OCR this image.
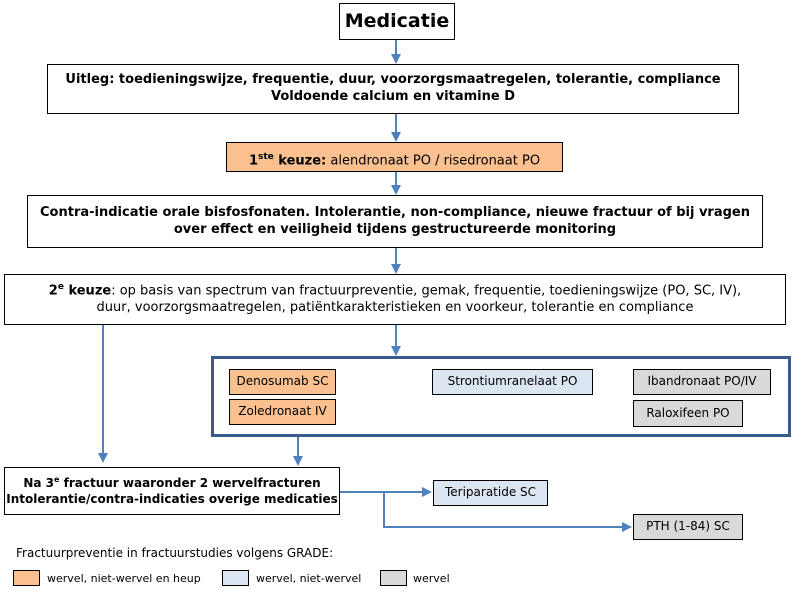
Medicatie
Uitleg: toedieningswijze, frequentie, duur, voorzorgsmaatregelen, tolerantie, compliance
Voldoende calcium en vitamine D
1ste keuze: alendronaat PO / risedronaat PO
Contra-indicatie orale bisfosfonaten. Intolerantie, non-compliance, nieuwe fractuur of bij vragen
over effect en veiligheid tijdens gestructureerde monitoring
2e keuze: op basis van spectrum van fractuurpreventie, gemak, frequentie, toedieningswijze (PO, SC, IV),
duur, voorzorgsmaatregelen, patiëntkarakteristieken en voorkeur, tolerantie en compliance
Denosumab SC
Zoledronaat IV
Strontiumranelaat PO	Ibandronaat PO/IV
Raloxifeen PO
Na 3e fractuur waaronder 2 wervelfracturen
Intolerantie/contra-indicaties overige medicaties	Teriparatide SC
PTH (1-84) SC
Fractuurpreventie in fractuurstudies volgens GRADE:
wervel, niet-wervel en heup	wervel, niet-wervel	wervel
